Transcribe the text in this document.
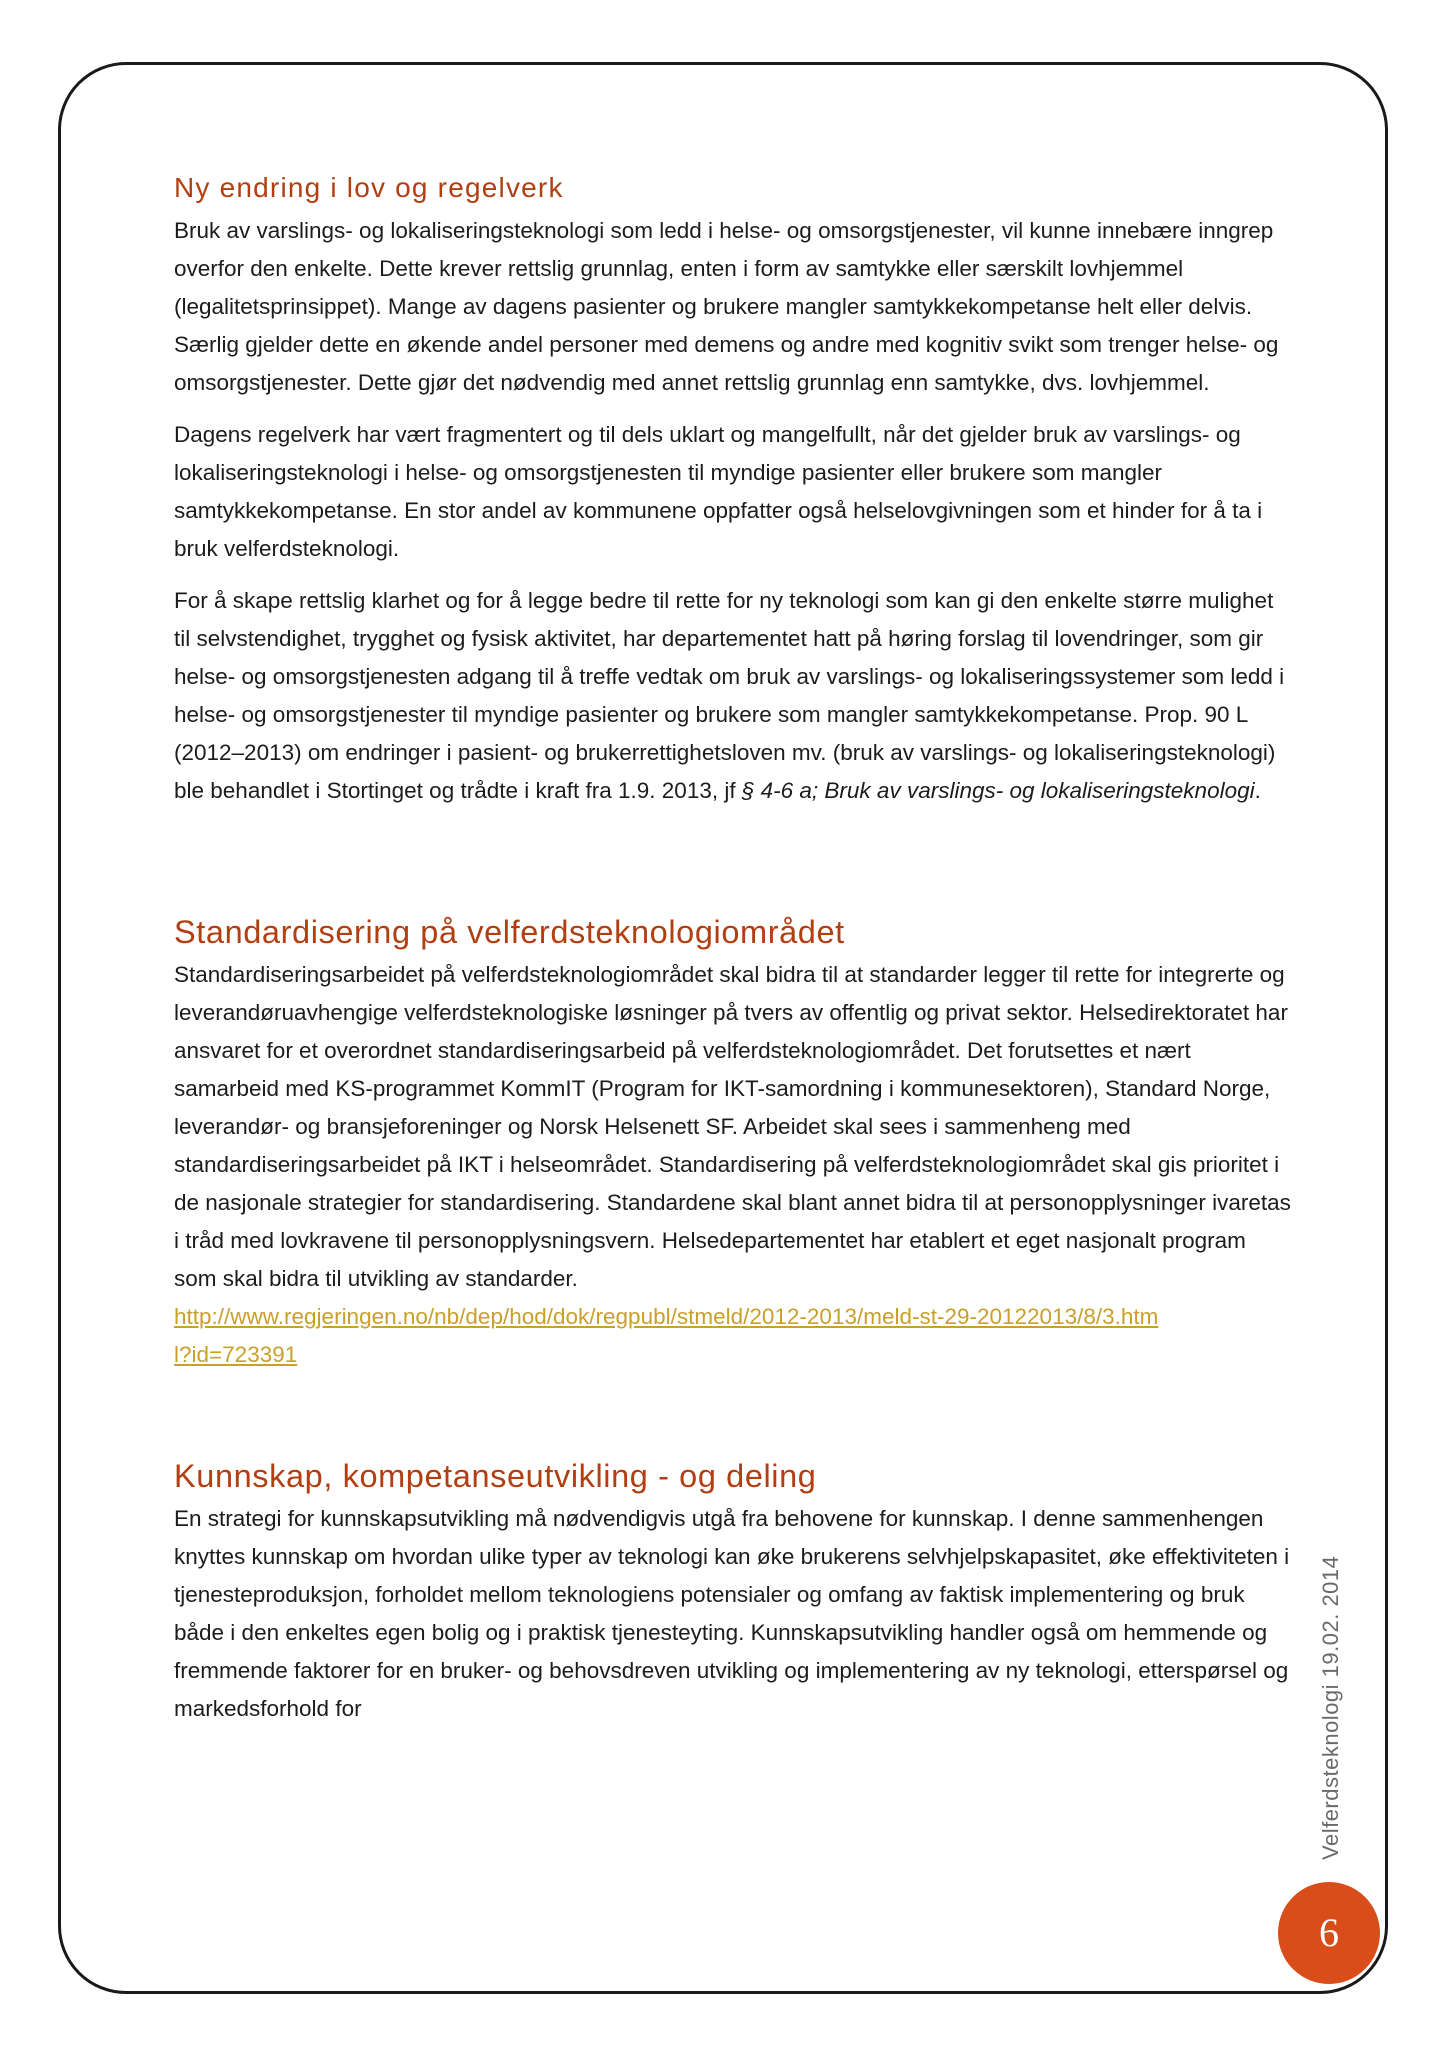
Ny endring i lov og regelverk

Bruk av varslings- og lokaliseringsteknologi som ledd i helse- og omsorgstjenester, vil kunne innebære inngrep overfor den enkelte. Dette krever rettslig grunnlag, enten i form av samtykke eller særskilt lovhjemmel (legalitetsprinsippet). Mange av dagens pasienter og brukere mangler samtykkekompetanse helt eller delvis. Særlig gjelder dette en økende andel personer med demens og andre med kognitiv svikt som trenger helse- og omsorgstjenester. Dette gjør det nødvendig med annet rettslig grunnlag enn samtykke, dvs. lovhjemmel.

Dagens regelverk har vært fragmentert og til dels uklart og mangelfullt, når det gjelder bruk av varslings- og lokaliseringsteknologi i helse- og omsorgstjenesten til myndige pasienter eller brukere som mangler samtykkekompetanse. En stor andel av kommunene oppfatter også helselovgivningen som et hinder for å ta i bruk velferdsteknologi.

For å skape rettslig klarhet og for å legge bedre til rette for ny teknologi som kan gi den enkelte større mulighet til selvstendighet, trygghet og fysisk aktivitet, har departementet hatt på høring forslag til lovendringer, som gir helse- og omsorgstjenesten adgang til å treffe vedtak om bruk av varslings- og lokaliseringssystemer som ledd i helse- og omsorgstjenester til myndige pasienter og brukere som mangler samtykkekompetanse. Prop. 90 L (2012–2013) om endringer i pasient- og brukerrettighetsloven mv. (bruk av varslings- og lokaliseringsteknologi) ble behandlet i Stortinget og trådte i kraft fra 1.9. 2013, jf § 4-6 a; Bruk av varslings- og lokaliseringsteknologi.

Standardisering på velferdsteknologiområdet

Standardiseringsarbeidet på velferdsteknologiområdet skal bidra til at standarder legger til rette for integrerte og leverandøruavhengige velferdsteknologiske løsninger på tvers av offentlig og privat sektor. Helsedirektoratet har ansvaret for et overordnet standardiseringsarbeid på velferdsteknologiområdet. Det forutsettes et nært samarbeid med KS-programmet KommIT (Program for IKT-samordning i kommunesektoren), Standard Norge, leverandør- og bransjeforeninger og Norsk Helsenett SF. Arbeidet skal sees i sammenheng med standardiseringsarbeidet på IKT i helseområdet. Standardisering på velferdsteknologiområdet skal gis prioritet i de nasjonale strategier for standardisering. Standardene skal blant annet bidra til at personopplysninger ivaretas i tråd med lovkravene til personopplysningsvern. Helsedepartementet har etablert et eget nasjonalt program som skal bidra til utvikling av standarder.

http://www.regjeringen.no/nb/dep/hod/dok/regpubl/stmeld/2012-2013/meld-st-29-20122013/8/3.html?id=723391

Kunnskap, kompetanseutvikling - og deling

En strategi for kunnskapsutvikling må nødvendigvis utgå fra behovene for kunnskap. I denne sammenhengen knyttes kunnskap om hvordan ulike typer av teknologi kan øke brukerens selvhjelpskapasitet, øke effektiviteten i tjenesteproduksjon, forholdet mellom teknologiens potensialer og omfang av faktisk implementering og bruk både i den enkeltes egen bolig og i praktisk tjenesteyting. Kunnskapsutvikling handler også om hemmende og fremmende faktorer for en bruker- og behovsdreven utvikling og implementering av ny teknologi, etterspørsel og markedsforhold for	Velferdsteknologi 19.02. 2014
6
